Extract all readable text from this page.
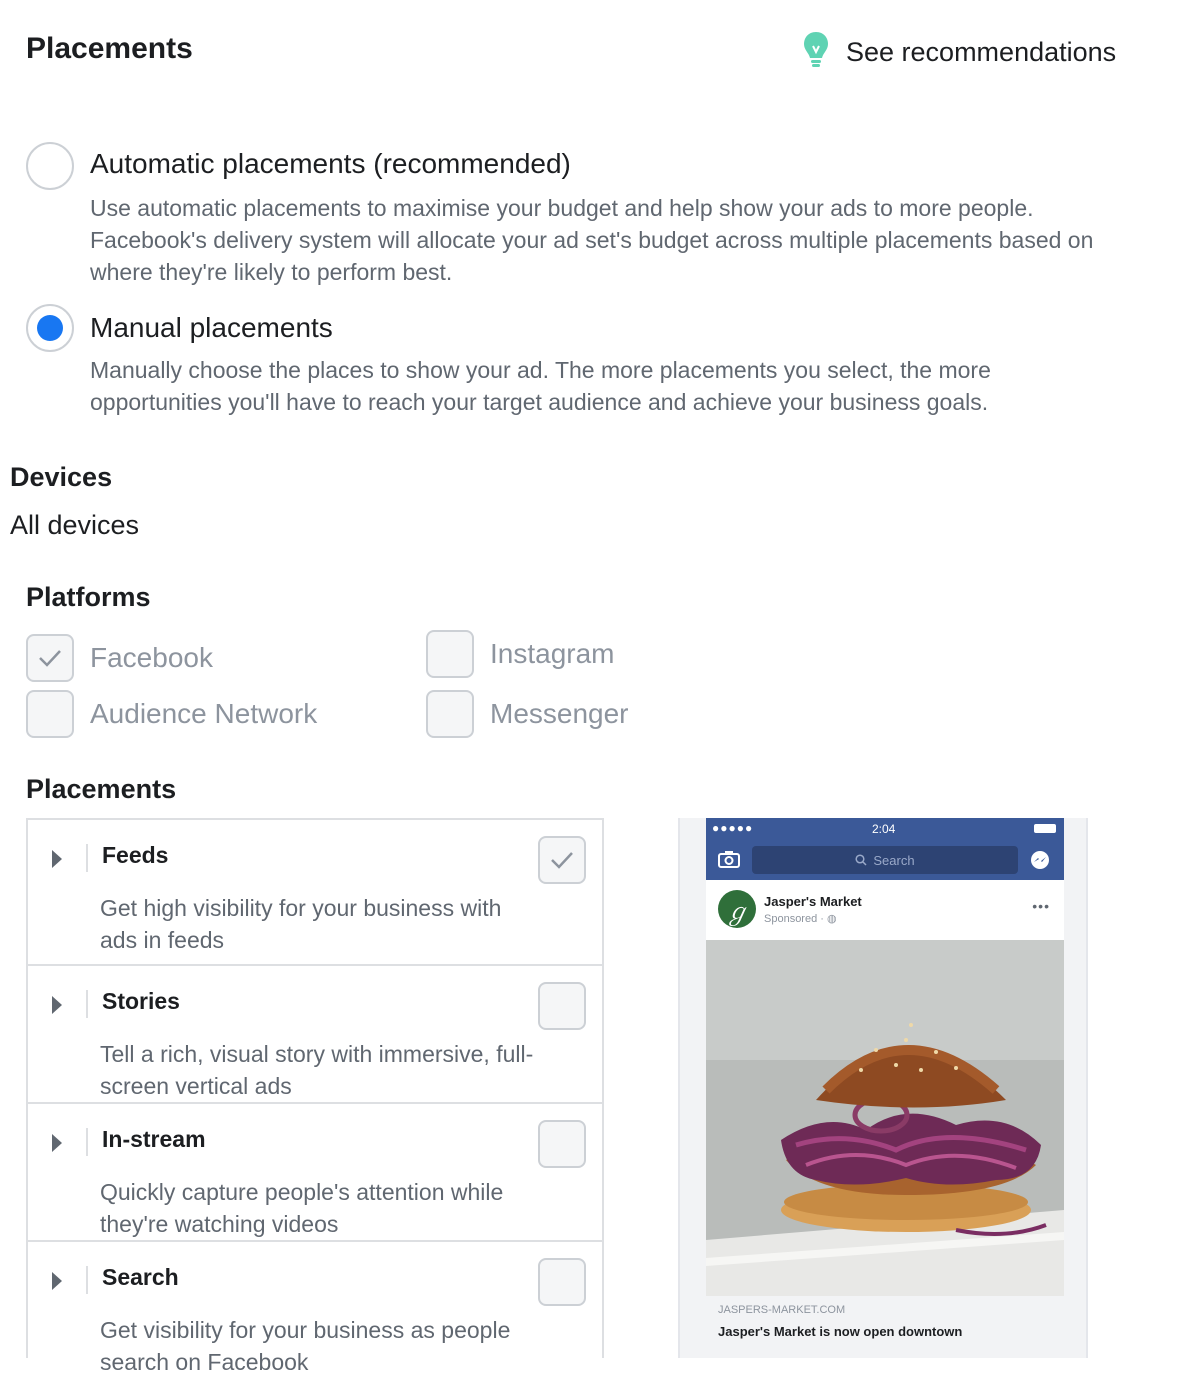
Placements	See recommendations
Automatic placements (recommended)
Use automatic placements to maximise your budget and help show your ads to more people.
Facebook's delivery system will allocate your ad set's budget across multiple placements based on
where they're likely to perform best.
Manual placements
Manually choose the places to show your ad. The more placements you select, the more
opportunities you'll have to reach your target audience and achieve your business goals.
Devices
All devices
Platforms
Facebook	Instagram
Audience Network	Messenger
Placements
Feeds
Get high visibility for your business with ads in feeds
Stories
Tell a rich, visual story with immersive, full-screen vertical ads
In-stream
Quickly capture people's attention while they're watching videos
Search
Get visibility for your business as people search on Facebook
●●●●●	2:04
Search
ℊ Jasper's Market
Sponsored · ◍
•••
JASPERS-MARKET.COM
Jasper's Market is now open downtown
